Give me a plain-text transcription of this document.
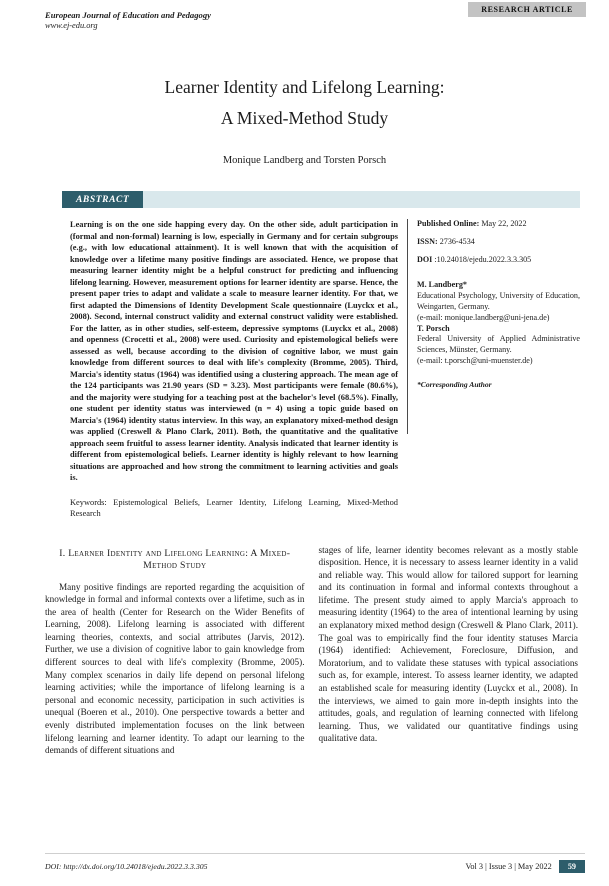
RESEARCH ARTICLE
European Journal of Education and Pedagogy
www.ej-edu.org
Learner Identity and Lifelong Learning:
A Mixed-Method Study
Monique Landberg and Torsten Porsch
ABSTRACT

Learning is on the one side happing every day. On the other side, adult participation in (formal and non-formal) learning is low, especially in Germany and for certain subgroups (e.g., with low educational attainment). It is well known that with the acquisition of knowledge over a lifetime many positive findings are associated. Hence, we propose that measuring learner identity might be a helpful construct for predicting and influencing lifelong learning. However, measurement options for learner identity are sparse. Hence, the present paper tries to adapt and validate a scale to measure learner identity. For that, we first adapted the Dimensions of Identity Development Scale questionnaire (Luyckx et al., 2008). Second, internal construct validity and external construct validity were established. For the latter, as in other studies, self-esteem, depressive symptoms (Luyckx et al., 2008) and openness (Crocetti et al., 2008) were used. Curiosity and epistemological beliefs were assessed as well, because according to the division of cognitive labor, we must gain knowledge from different sources to deal with life's complexity (Bromme, 2005). Third, Marcia's identity status (1964) was identified using a clustering approach. The mean age of the 124 participants was 21.90 years (SD = 3.23). Most participants were female (80.6%), and the majority were studying for a teaching post at the bachelor's level (68.5%). Finally, one student per identity status was interviewed (n = 4) using a topic guide based on Marcia's (1964) identity status interview. In this way, an explanatory mixed-method design was applied (Creswell & Plano Clark, 2011). Both, the quantitative and the qualitative approach seem fruitful to assess learner identity. Analysis indicated that learner identity is different from epistemological beliefs. Learner identity is highly relevant to how learning situations are approached and how strong the commitment to learning activities and goals is.

Keywords: Epistemological Beliefs, Learner Identity, Lifelong Learning, Mixed-Method Research

Published Online: May 22, 2022

ISSN: 2736-4534

DOI :10.24018/ejedu.2022.3.3.305

M. Landberg*
Educational Psychology, University of Education, Weingarten, Germany.
(e-mail: monique.landberg@uni-jena.de)
T. Porsch
Federal University of Applied Administrative Sciences, Münster, Germany.
(e-mail: t.porsch@uni-muenster.de)

*Corresponding Author

I. Learner Identity and Lifelong Learning: A Mixed-Method Study

Many positive findings are reported regarding the acquisition of knowledge in formal and informal contexts over a lifetime, such as in the area of health (Center for Research on the Wider Benefits of Learning, 2008). Lifelong learning is associated with different learning theories, contexts, and social attributes (Jarvis, 2012). Further, we use a division of cognitive labor to gain knowledge from different sources to deal with life's complexity (Bromme, 2005). Many complex scenarios in daily life depend on personal lifelong learning activities; while the importance of lifelong learning is a personal and economic necessity, participation in such activities is unequal (Boeren et al., 2010). One perspective towards a better and evenly distributed implementation focuses on the link between lifelong learning and learner identity. To adapt our learning to the demands of different situations and

stages of life, learner identity becomes relevant as a mostly stable disposition. Hence, it is necessary to assess learner identity in a valid and reliable way. This would allow for tailored support for learning and its continuation in formal and informal contexts throughout a lifetime. The present study aimed to apply Marcia's approach to measuring identity (1964) to the area of intentional learning by using an explanatory mixed method design (Creswell & Plano Clark, 2011). The goal was to empirically find the four identity statuses Marcia (1964) identified: Achievement, Foreclosure, Diffusion, and Moratorium, and to validate these statuses with typical associations such as, for example, interest. To assess learner identity, we adapted an established scale for measuring identity (Luyckx et al., 2008). In the interviews, we aimed to gain more in-depth insights into the attitudes, goals, and regulation of learning connected with lifelong learning. Thus, we validated our quantitative findings using qualitative data.

DOI: http://dx.doi.org/10.24018/ejedu.2022.3.3.305	Vol 3 | Issue 3 | May 2022	59
